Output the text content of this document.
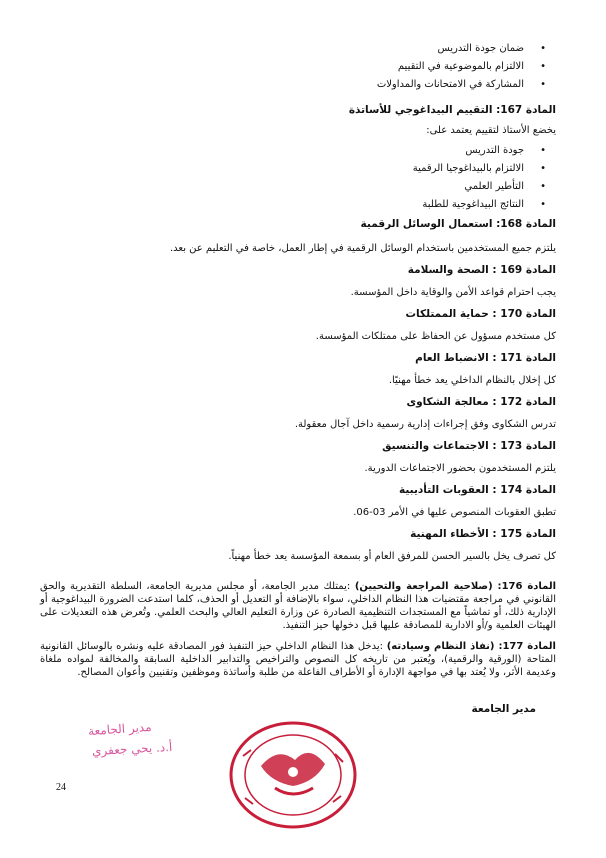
• ضمان جودة التدريس
• الالتزام بالموضوعية في التقييم
• المشاركة في الامتحانات والمداولات
المادة 167: التقييم البيداغوجي للأساتذة
يخضع الأستاذ لتقييم يعتمد على:
• جودة التدريس
• الالتزام بالبيداغوجيا الرقمية
• التأطير العلمي
• النتائج البيداغوجية للطلبة
المادة 168: استعمال الوسائل الرقمية
يلتزم جميع المستخدمين باستخدام الوسائل الرقمية في إطار العمل، خاصة في التعليم عن بعد.
المادة 169 : الصحة والسلامة
يجب احترام قواعد الأمن والوقاية داخل المؤسسة.
المادة 170 : حماية الممتلكات
كل مستخدم مسؤول عن الحفاظ على ممتلكات المؤسسة.
المادة 171 : الانضباط العام
كل إخلال بالنظام الداخلي يعد خطأ مهنيًا.
المادة 172 : معالجة الشكاوى
تدرس الشكاوى وفق إجراءات إدارية رسمية داخل آجال معقولة.
المادة 173 : الاجتماعات والتنسيق
يلتزم المستخدمون بحضور الاجتماعات الدورية.
المادة 174 : العقوبات التأديبية
تطبق العقوبات المنصوص عليها في الأمر 03-06.
المادة 175 : الأخطاء المهنية
كل تصرف يخل بالسير الحسن للمرفق العام أو بسمعة المؤسسة يعد خطأ مهنياً.
المادة 176: (صلاحية المراجعة والتحيين) :يمتلك مدير الجامعة، أو مجلس مديرية الجامعة، السلطة التقديرية والحق القانوني في مراجعة مقتضيات هذا النظام الداخلي، سواء بالإضافة أو التعديل أو الحذف، كلما استدعت الضرورة البيداغوجية أو الإدارية ذلك، أو تماشياً مع المستجدات التنظيمية الصادرة عن وزارة التعليم العالي والبحث العلمي. وتُعرض هذه التعديلات على الهيئات العلمية و/أو الادارية للمصادقة عليها قبل دخولها حيز التنفيذ.
المادة 177: (نفاذ النظام وسيادته) :يدخل هذا النظام الداخلي حيز التنفيذ فور المصادقة عليه ونشره بالوسائل القانونية المتاحة (الورقية والرقمية)، ويُعتبر من تاريخه كل النصوص والتراخيص والتدابير الداخلية السابقة والمخالفة لمواده ملغاة وعديمة الأثر، ولا يُعتد بها في مواجهة الإدارة أو الأطراف الفاعلة من طلبة وأساتذة وموظفين وتقنيين وأعوان المصالح.
مدير الجامعة
مدير الجامعة
أ.د. يحي جعفري
24
